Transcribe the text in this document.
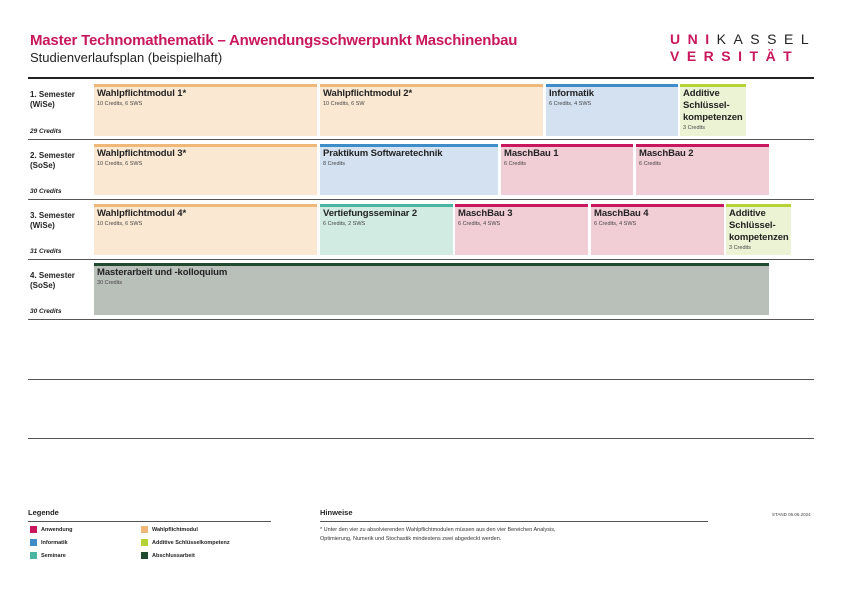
Master Technomathematik – Anwendungsschwerpunkt Maschinenbau
Studienverlaufsplan (beispielhaft)
UNIKASSEL
VERSITÄT
1. Semester
(WiSe)
29 Credits
Wahlpflichtmodul 1*
10 Credits, 6 SWS
Wahlpflichtmodul 2*
10 Credits, 6 SW
Informatik
6 Credits, 4 SWS
Additive Schlüssel-kompetenzen
3 Credits
2. Semester
(SoSe)
30 Credits
Wahlpflichtmodul 3*
10 Credits, 6 SWS
Praktikum Softwaretechnik
8 Credits
MaschBau 1
6 Credits
MaschBau 2
6 Credits
3. Semester
(WiSe)
31 Credits
Wahlpflichtmodul 4*
10 Credits, 6 SWS
Vertiefungsseminar 2
6 Credits, 2 SWS
MaschBau 3
6 Credits, 4 SWS
MaschBau 4
6 Credits, 4 SWS
Additive Schlüssel-kompetenzen
3 Credits
4. Semester
(SoSe)
30 Credits
Masterarbeit und -kolloquium
30 Credits
Legende
Anwendung
Informatik
Seminare
Wahlpflichtmodul
Additive Schlüsselkompetenz
Abschlussarbeit
Hinweise
* Unter den vier zu absolvierenden Wahlpflichtmodulen müssen aus den vier Bereichen Analysis, Optimierung, Numerik und Stochastik mindestens zwei abgedeckt werden.
STAND 06.06.2024
